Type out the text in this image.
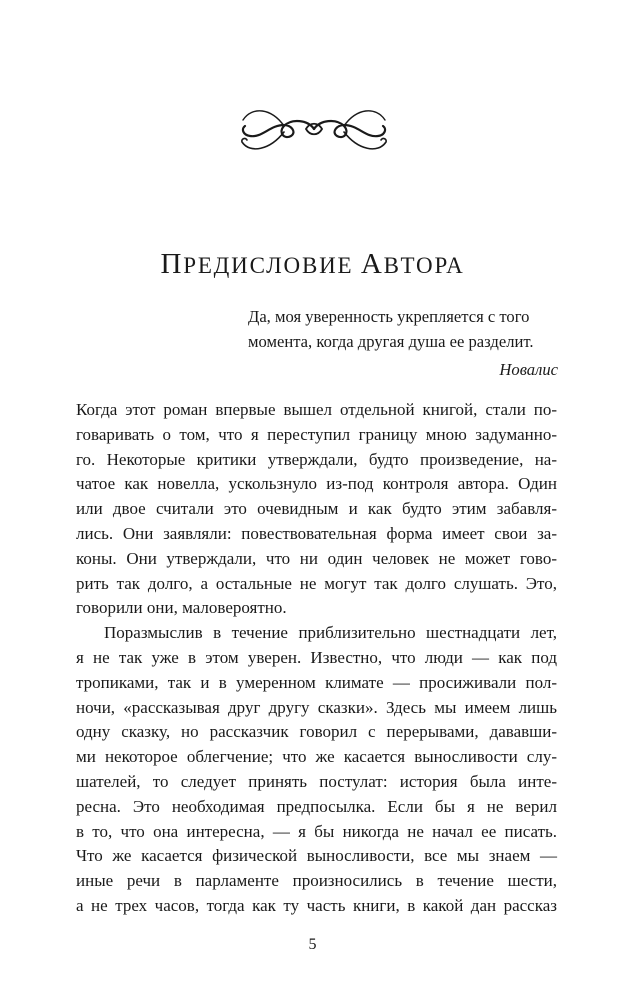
ПРЕДИСЛОВИЕ АВТОРА
Да, моя уверенность укрепляется с того
момента, когда другая душа ее разделит.
Новалис
Когда этот роман впервые вышел отдельной книгой, стали по-
говаривать о том, что я переступил границу мною задуманно-
го. Некоторые критики утверждали, будто произведение, на-
чатое как новелла, ускользнуло из-под контроля автора. Один
или двое считали это очевидным и как будто этим забавля-
лись. Они заявляли: повествовательная форма имеет свои за-
коны. Они утверждали, что ни один человек не может гово-
рить так долго, а остальные не могут так долго слушать. Это,
говорили они, маловероятно.
Поразмыслив в течение приблизительно шестнадцати лет,
я не так уже в этом уверен. Известно, что люди — как под
тропиками, так и в умеренном климате — просиживали пол-
ночи, «рассказывая друг другу сказки». Здесь мы имеем лишь
одну сказку, но рассказчик говорил с перерывами, дававши-
ми некоторое облегчение; что же касается выносливости слу-
шателей, то следует принять постулат: история была инте-
ресна. Это необходимая предпосылка. Если бы я не верил
в то, что она интересна, — я бы никогда не начал ее писать.
Что же касается физической выносливости, все мы знаем —
иные речи в парламенте произносились в течение шести,
а не трех часов, тогда как ту часть книги, в какой дан рассказ
5
